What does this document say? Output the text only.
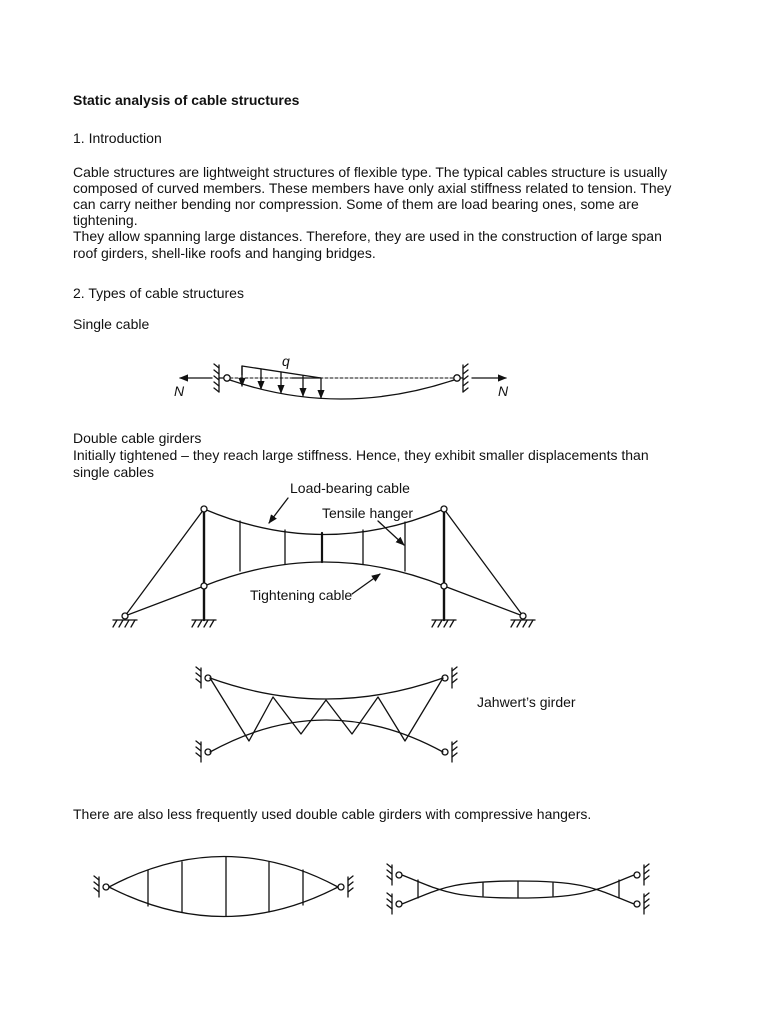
Static analysis of cable structures
1. Introduction
Cable structures are lightweight structures of flexible type. The typical cables structure is usually
composed of curved members. These members have only axial stiffness related to tension. They
can carry neither bending nor compression. Some of them are load bearing ones, some are
tightening.
They allow spanning large distances. Therefore, they are used in the construction of large span
roof girders, shell-like roofs and hanging bridges.
2. Types of cable structures
Single cable
Double cable girders
Initially tightened – they reach large stiffness. Hence, they exhibit smaller displacements than
single cables
There are also less frequently used double cable girders with compressive hangers.
q
N	N
Load-bearing cable
Tensile hanger
Tightening cable
Jahwert’s girder
